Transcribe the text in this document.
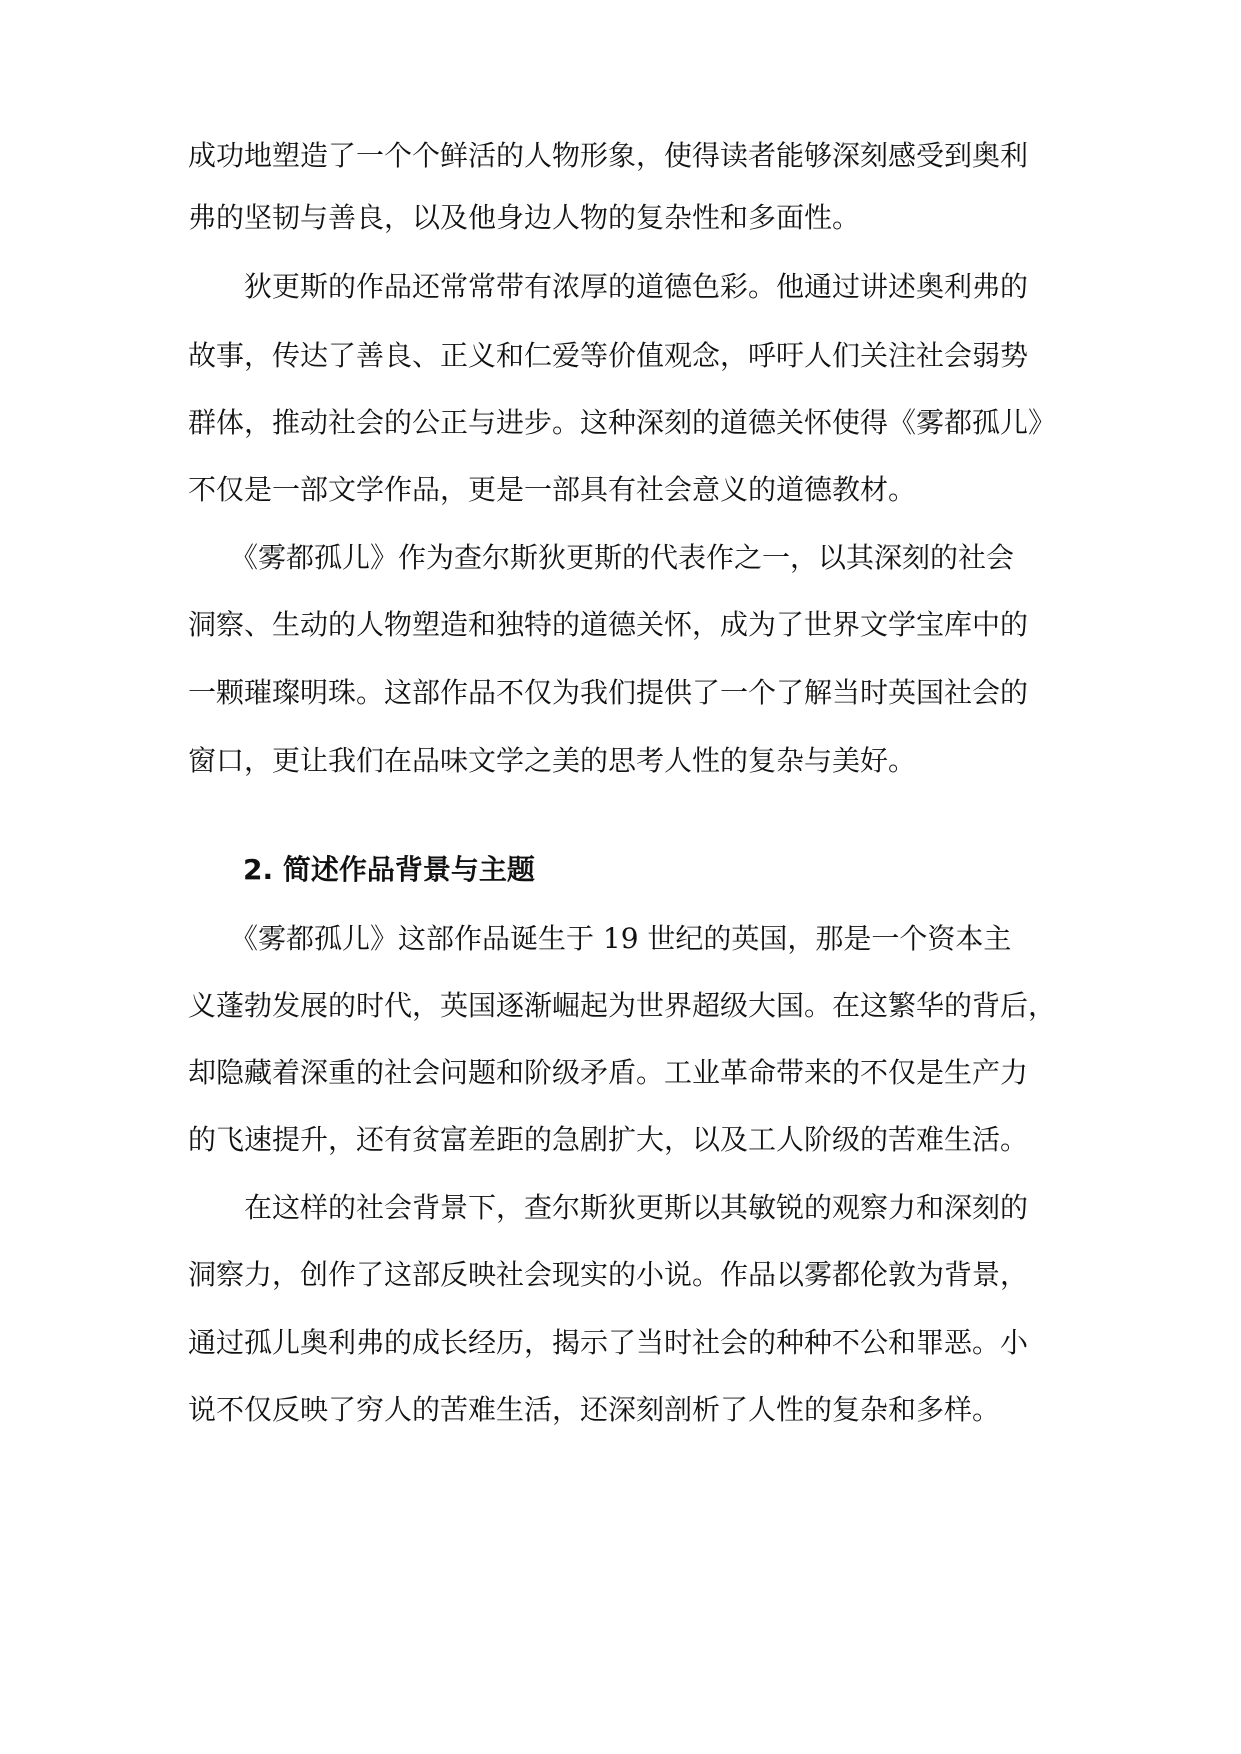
成功地塑造了一个个鲜活的人物形象，使得读者能够深刻感受到奥利
弗的坚韧与善良，以及他身边人物的复杂性和多面性。
　　狄更斯的作品还常常带有浓厚的道德色彩。他通过讲述奥利弗的
故事，传达了善良、正义和仁爱等价值观念，呼吁人们关注社会弱势
群体，推动社会的公正与进步。这种深刻的道德关怀使得《雾都孤儿》
不仅是一部文学作品，更是一部具有社会意义的道德教材。
　　《雾都孤儿》作为查尔斯狄更斯的代表作之一，以其深刻的社会
洞察、生动的人物塑造和独特的道德关怀，成为了世界文学宝库中的
一颗璀璨明珠。这部作品不仅为我们提供了一个了解当时英国社会的
窗口，更让我们在品味文学之美的思考人性的复杂与美好。
2. 简述作品背景与主题
　　《雾都孤儿》这部作品诞生于 19 世纪的英国，那是一个资本主
义蓬勃发展的时代，英国逐渐崛起为世界超级大国。在这繁华的背后，
却隐藏着深重的社会问题和阶级矛盾。工业革命带来的不仅是生产力
的飞速提升，还有贫富差距的急剧扩大，以及工人阶级的苦难生活。
　　在这样的社会背景下，查尔斯狄更斯以其敏锐的观察力和深刻的
洞察力，创作了这部反映社会现实的小说。作品以雾都伦敦为背景，
通过孤儿奥利弗的成长经历，揭示了当时社会的种种不公和罪恶。小
说不仅反映了穷人的苦难生活，还深刻剖析了人性的复杂和多样。
